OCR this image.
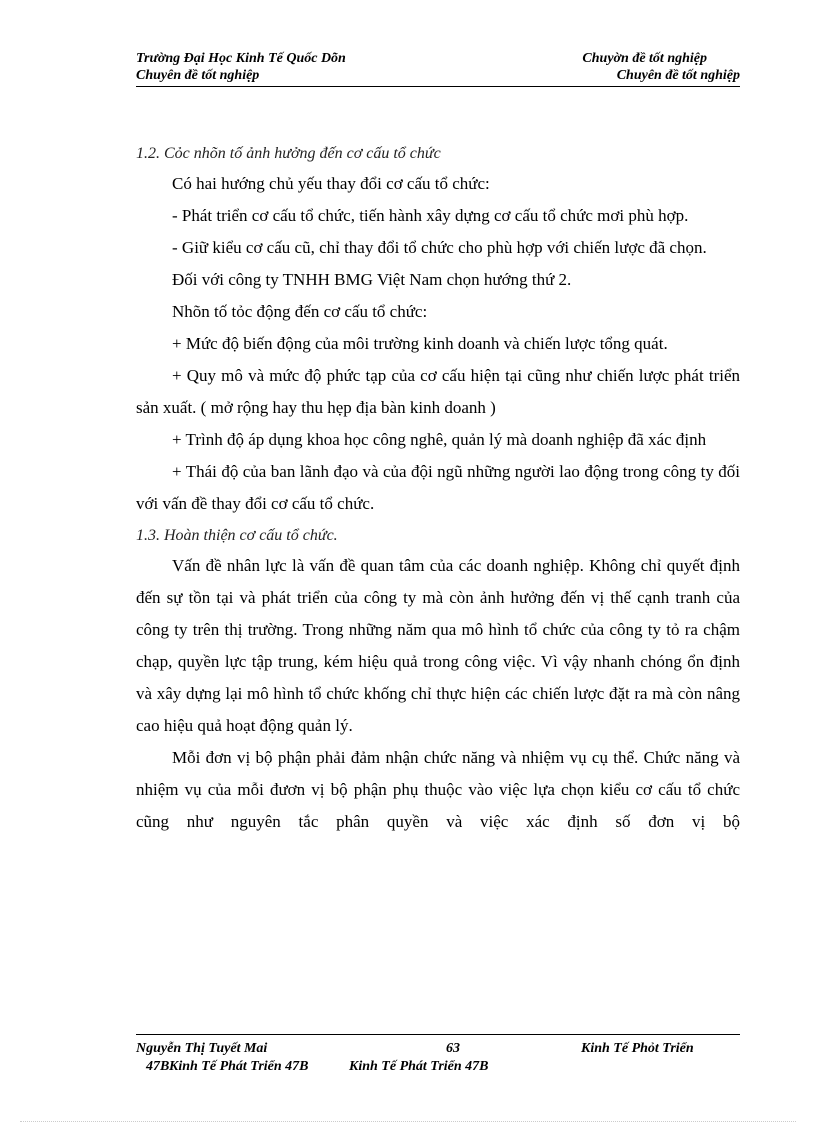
Trường Đại Học Kinh Tế Quốc Dõn	Chuyờn đề tốt nghiệp
Chuyên đề tốt nghiệp	Chuyên đề tốt nghiệp
1.2. Cỏc nhõn tố ảnh hưởng đến cơ cấu tổ chức
Có hai hướng chủ yếu thay đổi cơ cấu tổ chức:
- Phát triển cơ cấu tổ chức, tiến hành xây dựng cơ cấu tổ chức mơi phù hợp.
- Giữ kiểu cơ cấu cũ, chỉ thay đổi tổ chức cho phù hợp với chiến lược đã chọn.
Đối với công ty TNHH BMG Việt Nam chọn hướng thứ 2.
Nhõn tố tỏc động đến cơ cấu tổ chức:
+ Mức độ biến động của môi trường kinh doanh và chiến lược tổng quát.
+ Quy mô và mức độ phức tạp của cơ cấu hiện tại cũng như chiến lược phát triển sản xuất. ( mở rộng hay thu hẹp địa bàn kinh doanh )
+ Trình độ áp dụng khoa học công nghê, quản lý mà doanh nghiệp đã xác định
+ Thái độ của ban lãnh đạo và của đội ngũ những người lao động trong công ty đối với vấn đề thay đổi cơ cấu tổ chức.
1.3. Hoàn thiện cơ cấu tổ chức.
Vấn đề nhân lực là vấn đề quan tâm của các doanh nghiệp. Không chỉ quyết định đến sự tồn tại và phát triển của công ty mà còn ảnh hưởng đến vị thế cạnh tranh của công ty trên thị trường. Trong những năm qua mô hình tổ chức của công ty tỏ ra chậm chạp, quyền lực tập trung, kém hiệu quả trong công việc. Vì vậy nhanh chóng ổn định và xây dựng lại mô hình tổ chức khống chỉ thực hiện các chiến lược đặt ra mà còn nâng cao hiệu quả hoạt động quản lý.
Mỗi đơn vị bộ phận phải đảm nhận chức năng và nhiệm vụ cụ thể. Chức năng và nhiệm vụ của mỗi đươn vị bộ phận phụ thuộc vào việc lựa chọn kiểu cơ cấu tổ chức cũng như nguyên tắc phân quyền và việc xác định số đơn vị bộ
Nguyễn Thị Tuyết Mai	63	Kinh Tế Phỏt Triển
47B Kinh Tế Phát Triển 47B	Kinh Tế Phát Triển 47B
